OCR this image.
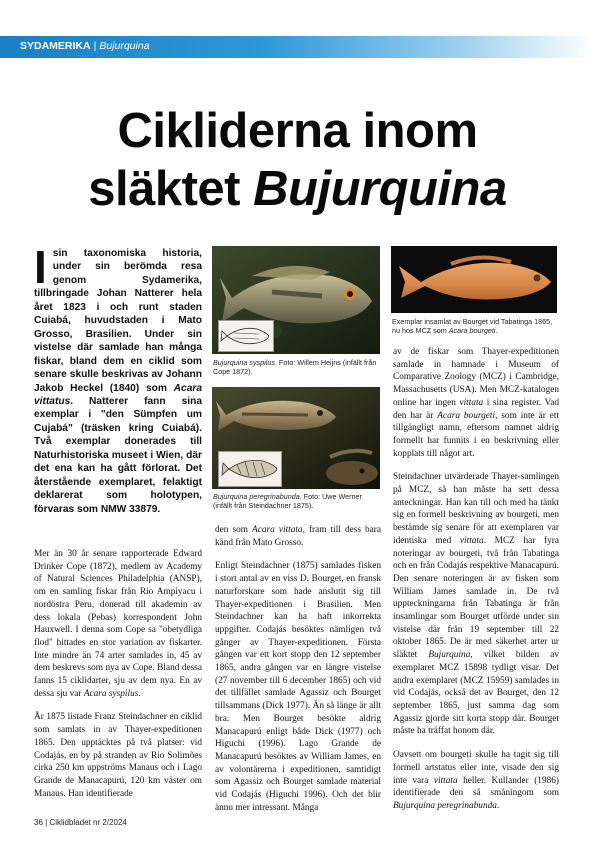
SYDAMERIKA | Bujurquina
Cikliderna inom
släktet Bujurquina
Isin taxonomiska historia, under sin berömda resa genom Sydamerika, tillbringade Johan Natterer hela året 1823 i och runt staden Cuiabá, huvudstaden i Mato Grosso, Brasilien. Under sin vistelse där samlade han många fiskar, bland dem en ciklid som senare skulle beskrivas av Johann Jakob Heckel (1840) som Acara vittatus. Natterer fann sina exemplar i "den Sümpfen um Cujabá" (träsken kring Cuiabá). Två exemplar donerades till Naturhistoriska museet i Wien, där det ena kan ha gått förlorat. Det återstående exemplaret, felaktigt deklarerat som holotypen, förvaras som NMW 33879.

Mer än 30 år senare rapporterade Edward Drinker Cope (1872), medlem av Academy of Natural Sciences Philadelphia (ANSP), om en samling fiskar från Rio Ampiyacu i nordöstra Peru, donerad till akademin av dess lokala (Pebas) korrespondent John Hauxwell. I denna som Cope sa "obetydliga flod" hittades en stor variation av fiskarter. Inte mindre än 74 arter samlades in, 45 av dem beskrevs som nya av Cope. Bland dessa fanns 15 ciklidarter, sju av dem nya. En av dessa sju var Acara syspilus.

År 1875 listade Franz Steindachner en ciklid som samlats in av Thayer-expeditionen 1865. Den upptäcktes på två platser: vid Codajás, en by på stranden av Rio Solimões cirka 250 km uppströms Manaus och i Lago Grande de Manacapurú, 120 km väster om Manaus. Han identifierade

Bujurquina syspilus. Foto: Willem Heijns (infällt från Cope 1872).
Bujurquina peregrinabunda. Foto: Uwe Werner (infällt från Steindachner 1875).

den som Acara vittata, fram till dess bara känd från Mato Grosso.

Enligt Steindachner (1875) samlades fisken i stort antal av en viss D. Bourget, en fransk naturforskare som hade anslutit sig till Thayer-expeditionen i Brasilien. Men Steindachner kan ha haft inkorrekta uppgifter. Codajás besöktes nämligen två gånger av Thayer-expeditionen. Första gången var ett kort stopp den 12 september 1865, andra gången var en längre vistelse (27 november till 6 december 1865) och vid det tillfället samlade Agassiz och Bourget tillsammans (Dick 1977). Än så länge är allt bra. Men Bourget besökte aldrig Manacapurú enligt både Dick (1977) och Higuchi (1996). Lago Grande de Manacapurú besöktes av William James, en av volontärerna i expeditionen, samtidigt som Agassiz och Bourget samlade material vid Codajás (Higuchi 1996). Och det blir ännu mer intressant. Många

Exemplar insamlat av Bourget vid Tabatinga 1865, nu hos MCZ som Acara bourgeti.

av de fiskar som Thayer-expeditionen samlade in hamnade i Museum of Comparative Zoology (MCZ) i Cambridge, Massachusetts (USA). Men MCZ-katalogen online har ingen vittata i sina register. Vad den har är Acara bourgeti, som inte är ett tillgängligt namn, eftersom namnet aldrig formellt har funnits i en beskrivning eller kopplats till något art.

Steindachner utvärderade Thayer-samlingen på MCZ, så han måste ha sett dessa anteckningar. Han kan till och med ha tänkt sig en formell beskrivning av bourgeti, men bestämde sig senare för att exemplaren var identiska med vittata. MCZ har fyra noteringar av bourgeti, två från Tabatinga och en från Codajás respektive Manacapurú. Den senare noteringen är av fisken som William James samlade in. De två uppteckningarna från Tabatinga är från insamlingar som Bourget utförde under sin vistelse där från 19 september till 22 oktober 1865. De är med säkerhet arter ur släktet Bujurquina, vilket bilden av exemplaret MCZ 15898 tydligt visar. Det andra exemplaret (MCZ 15959) samlades in vid Codajás, också det av Bourget, den 12 september 1865, just samma dag som Agassiz gjorde sitt korta stopp där. Bourget måste ha träffat honom där.

Oavsett om bourgeti skulle ha tagit sig till formell artstatus eller inte, visade den sig inte vara vittata heller. Kullander (1986) identifierade den så småningom som Bujurquina peregrinabunda.

36 | Ciklidbladet nr 2/2024
